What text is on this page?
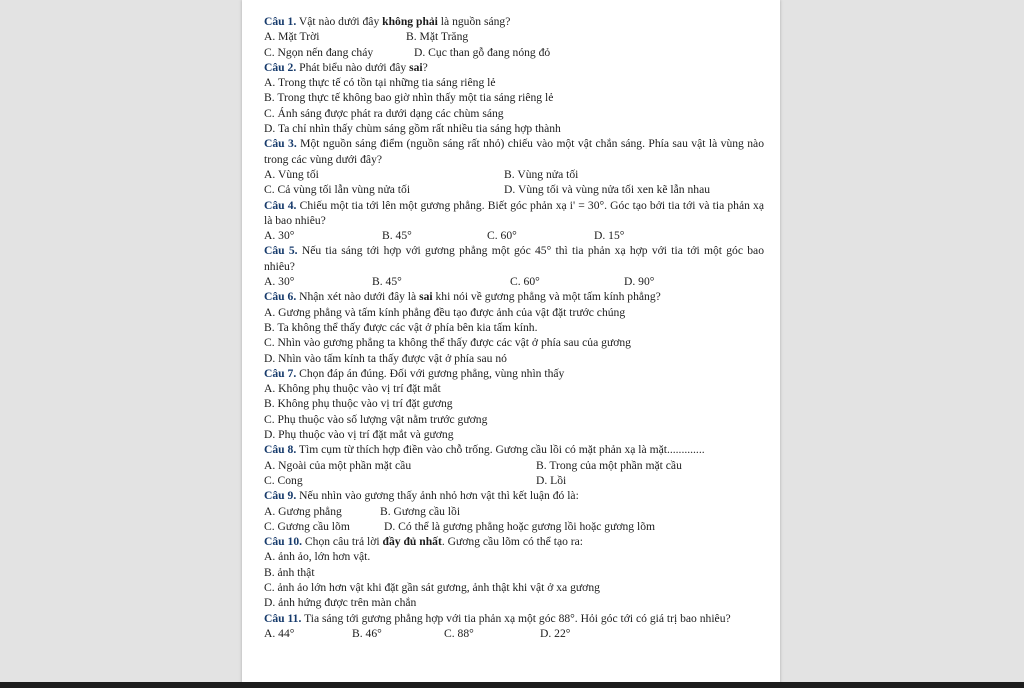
Câu 1. Vật nào dưới đây không phải là nguồn sáng?

A. Mặt Trời	B. Mặt Trăng
C. Ngọn nến đang cháy	D. Cục than gỗ đang nóng đỏ

Câu 2. Phát biểu nào dưới đây sai?

A. Trong thực tế có tồn tại những tia sáng riêng lẻ
B. Trong thực tế không bao giờ nhìn thấy một tia sáng riêng lẻ
C. Ánh sáng được phát ra dưới dạng các chùm sáng
D. Ta chỉ nhìn thấy chùm sáng gồm rất nhiều tia sáng hợp thành

Câu 3. Một nguồn sáng điểm (nguồn sáng rất nhỏ) chiếu vào một vật chắn sáng. Phía sau vật là vùng nào trong các vùng dưới đây?

A. Vùng tối	B. Vùng nửa tối
C. Cả vùng tối lẫn vùng nửa tối	D. Vùng tối và vùng nửa tối xen kẽ lẫn nhau

Câu 4. Chiếu một tia tới lên một gương phẳng. Biết góc phản xạ i' = 30°. Góc tạo bởi tia tới và tia phản xạ là bao nhiêu?

A. 30°	B. 45°	C. 60°	D. 15°

Câu 5. Nếu tia sáng tới hợp với gương phẳng một góc 45° thì tia phản xạ hợp với tia tới một góc bao nhiêu?

A. 30°	B. 45°	C. 60°	D. 90°

Câu 6. Nhận xét nào dưới đây là sai khi nói về gương phẳng và một tấm kính phẳng?

A. Gương phẳng và tấm kính phẳng đều tạo được ảnh của vật đặt trước chúng
B. Ta không thể thấy được các vật ở phía bên kia tấm kính.
C. Nhìn vào gương phẳng ta không thể thấy được các vật ở phía sau của gương
D. Nhìn vào tấm kính ta thấy được vật ở phía sau nó

Câu 7. Chọn đáp án đúng. Đối với gương phẳng, vùng nhìn thấy

A. Không phụ thuộc vào vị trí đặt mắt
B. Không phụ thuộc vào vị trí đặt gương
C. Phụ thuộc vào số lượng vật nằm trước gương
D. Phụ thuộc vào vị trí đặt mắt và gương

Câu 8. Tìm cụm từ thích hợp điền vào chỗ trống. Gương cầu lồi có mặt phản xạ là mặt.............

A. Ngoài của một phần mặt cầu	B. Trong của một phần mặt cầu
C. Cong	D. Lồi

Câu 9. Nếu nhìn vào gương thấy ảnh nhỏ hơn vật thì kết luận đó là:

A. Gương phẳng	B. Gương cầu lồi
C. Gương cầu lõm	D. Có thể là gương phẳng hoặc gương lồi hoặc gương lõm

Câu 10. Chọn câu trả lời đầy đủ nhất. Gương cầu lõm có thể tạo ra:

A. ảnh ảo, lớn hơn vật.
B. ảnh thật
C. ảnh ảo lớn hơn vật khi đặt gần sát gương, ảnh thật khi vật ở xa gương
D. ảnh hứng được trên màn chắn

Câu 11. Tia sáng tới gương phẳng hợp với tia phản xạ một góc 88°. Hỏi góc tới có giá trị bao nhiêu?

A. 44°	B. 46°	C. 88°	D. 22°
